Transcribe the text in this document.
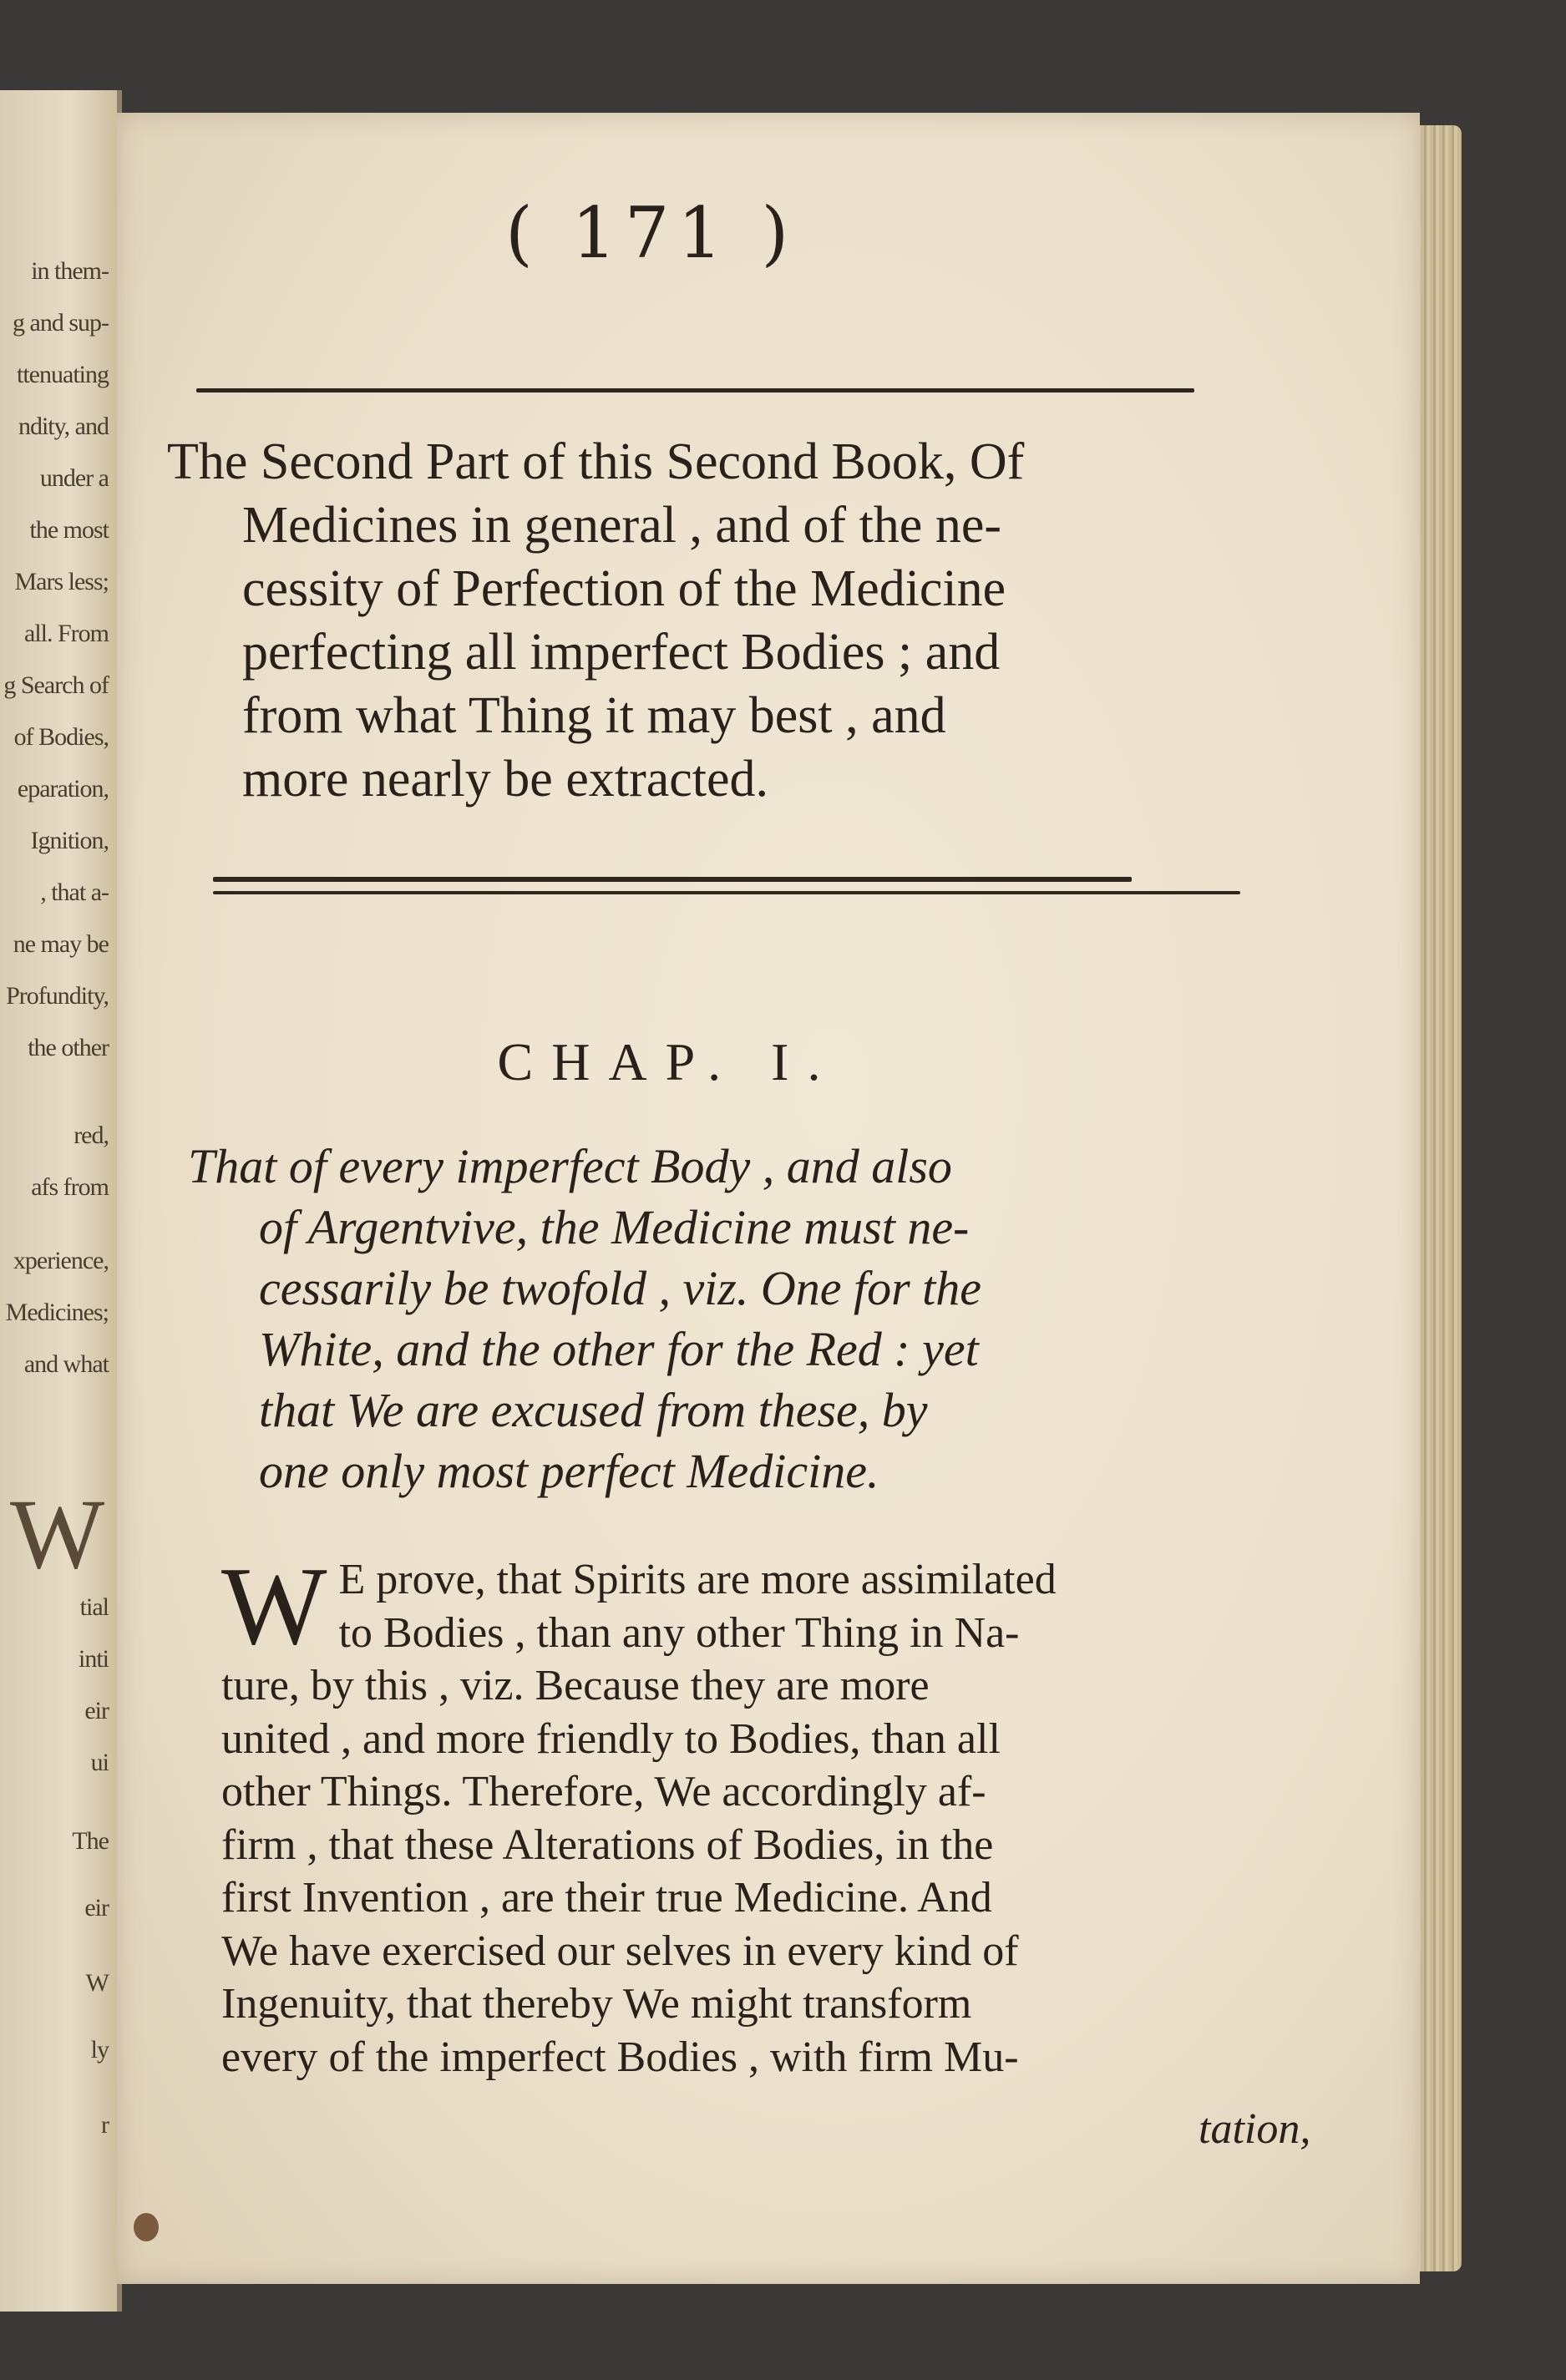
in them-
g and sup-
ttenuating
ndity, and
under a
the most
Mars less;
all. From
g Search of
of Bodies,
eparation,
Ignition,
, that a-
ne may be
Profundity,
the other
red,
afs from
xperience,
Medicines;
and what
W
tial
inti
eir
ui
The
eir
W
ly
r
( 171 )
The Second Part of this Second Book, Of
Medicines in general , and of the ne-
cessity of Perfection of the Medicine
perfecting all imperfect Bodies ; and
from what Thing it may best , and
more nearly be extracted.
CHAP. I.
That of every imperfect Body , and also
of Argentvive, the Medicine must ne-
cessarily be twofold , viz. One for the
White, and the other for the Red : yet
that We are excused from these, by
one only most perfect Medicine.
W E prove, that Spirits are more assimilated
to Bodies , than any other Thing in Na-
ture, by this , viz. Because they are more
united , and more friendly to Bodies, than all
other Things. Therefore, We accordingly af-
firm , that these Alterations of Bodies, in the
first Invention , are their true Medicine. And
We have exercised our selves in every kind of
Ingenuity, that thereby We might transform
every of the imperfect Bodies , with firm Mu-
tation,
